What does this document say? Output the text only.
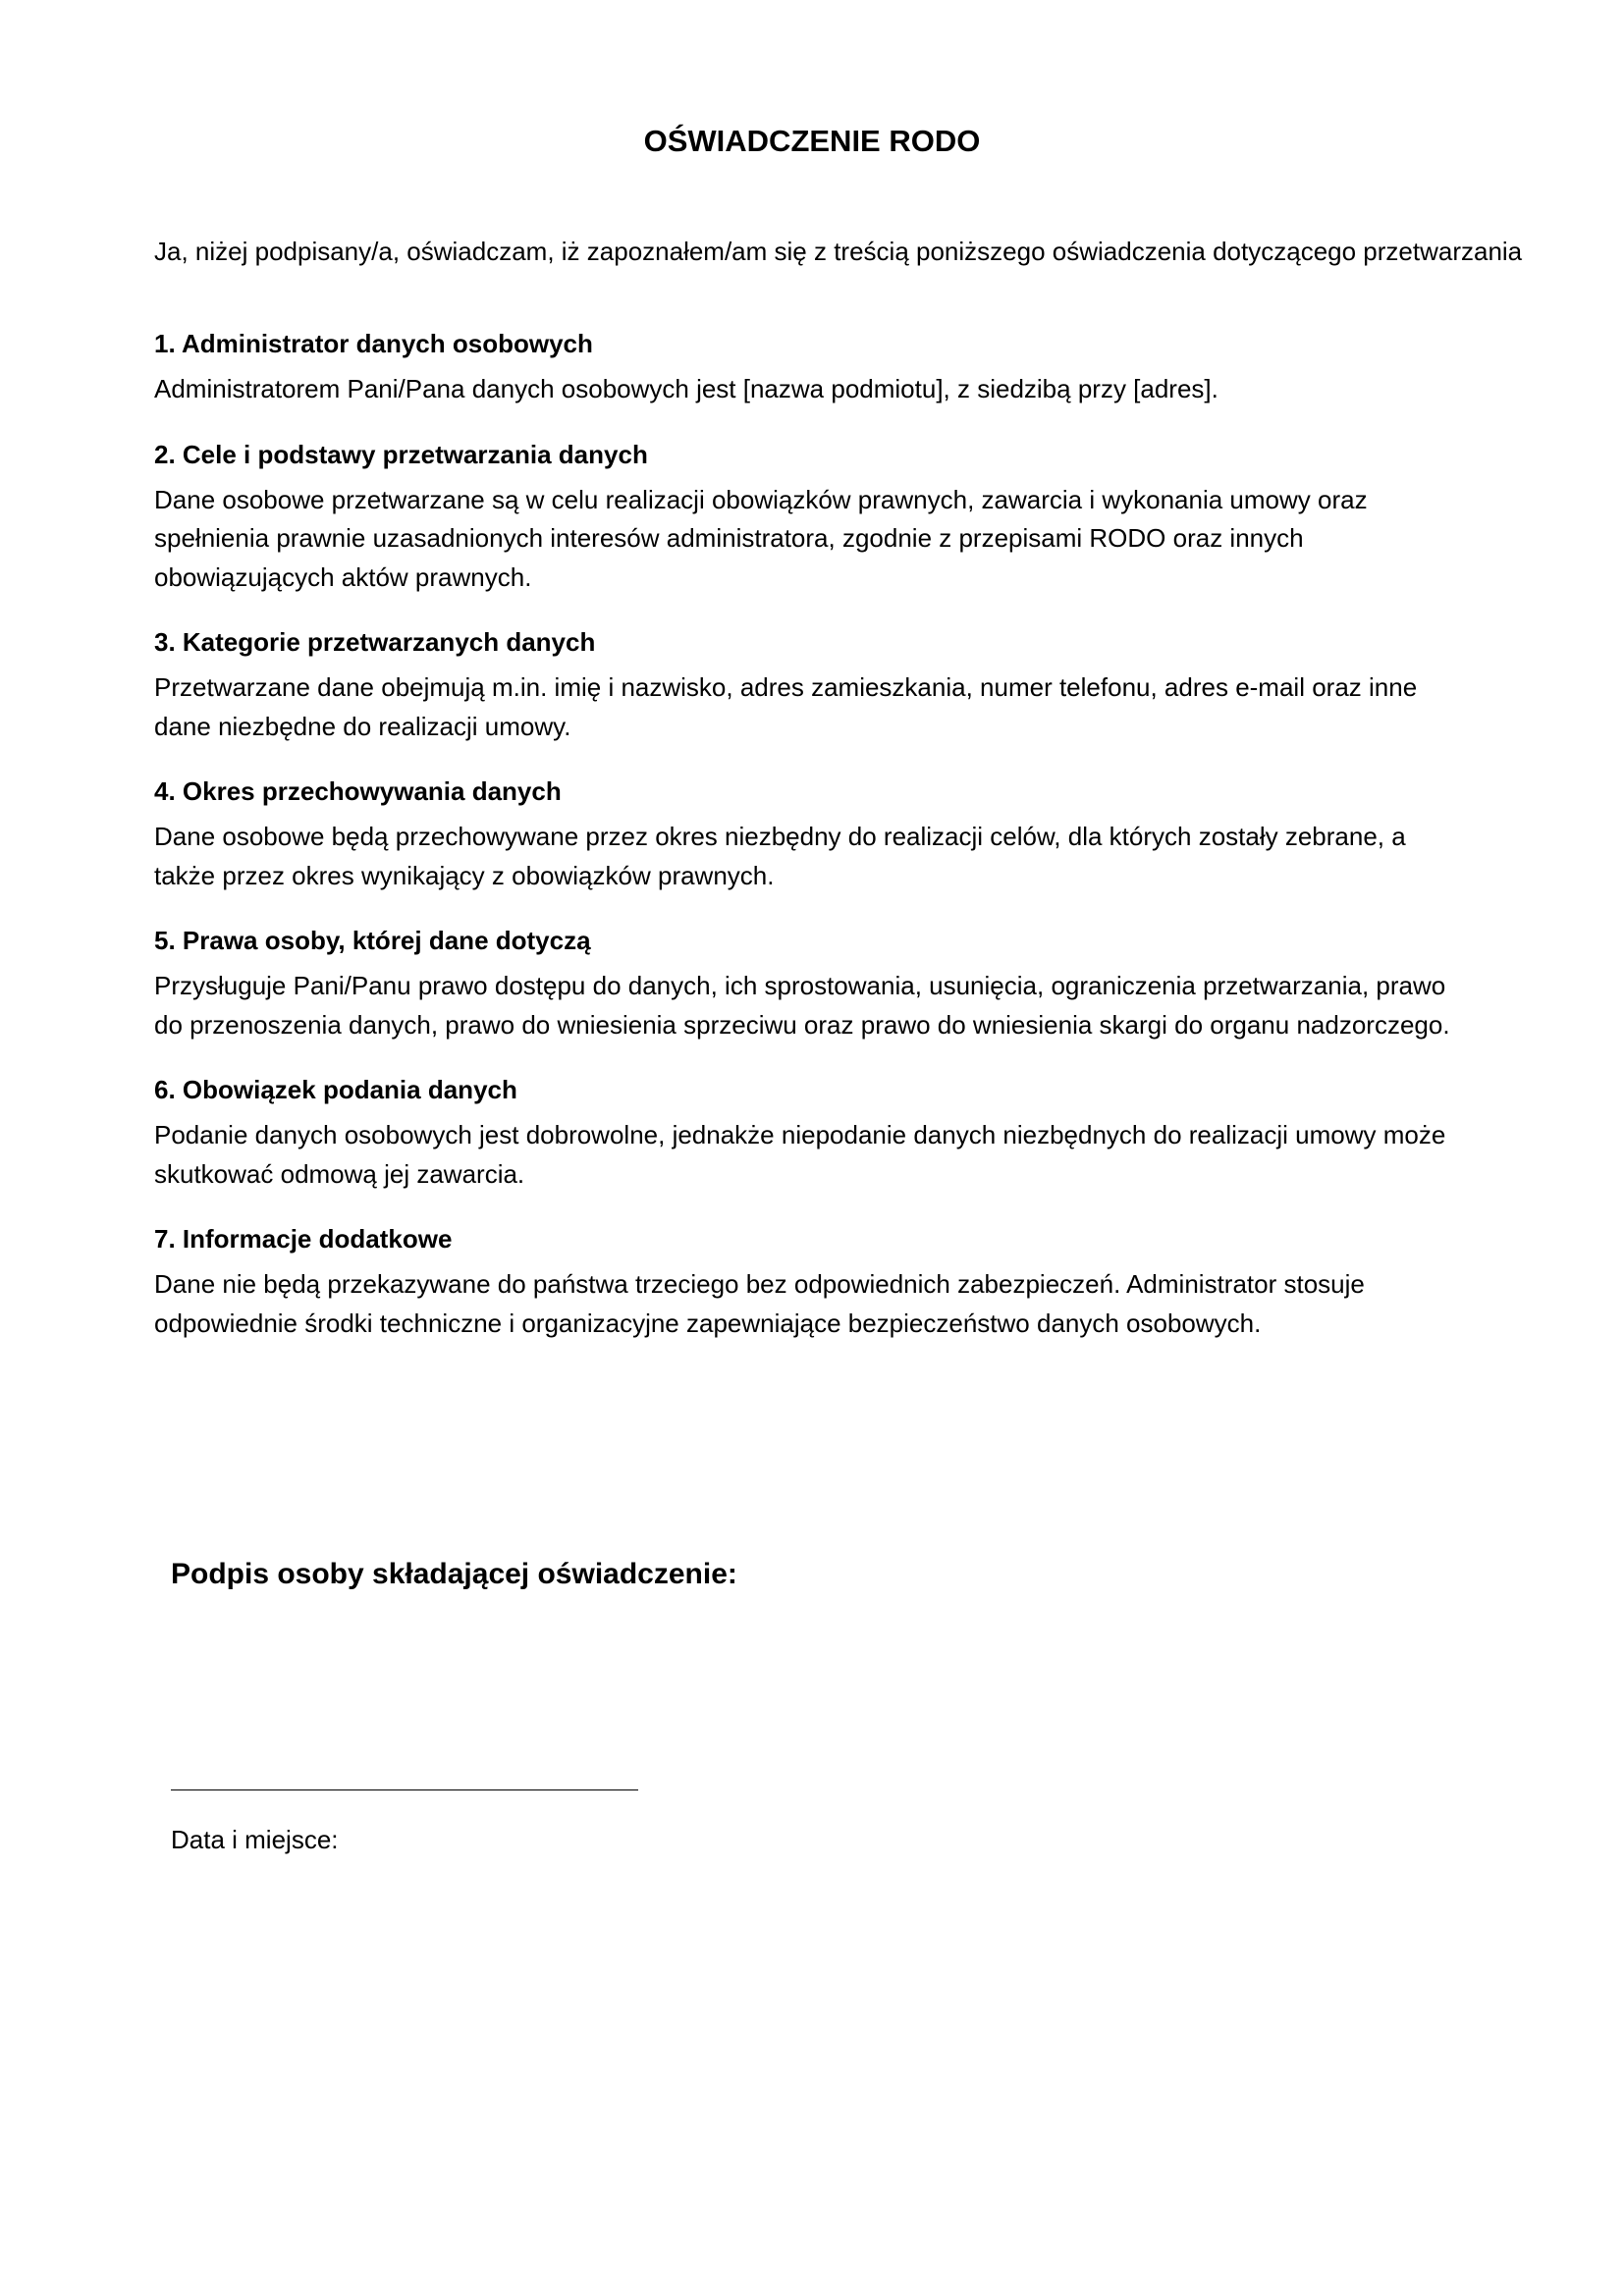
OŚWIADCZENIE RODO
Ja, niżej podpisany/a, oświadczam, iż zapoznałem/am się z treścią poniższego oświadczenia dotyczącego przetwarzania
1. Administrator danych osobowych

Administratorem Pani/Pana danych osobowych jest [nazwa podmiotu], z siedzibą przy [adres].

2. Cele i podstawy przetwarzania danych

Dane osobowe przetwarzane są w celu realizacji obowiązków prawnych, zawarcia i wykonania umowy oraz spełnienia prawnie uzasadnionych interesów administratora, zgodnie z przepisami RODO oraz innych obowiązujących aktów prawnych.

3. Kategorie przetwarzanych danych

Przetwarzane dane obejmują m.in. imię i nazwisko, adres zamieszkania, numer telefonu, adres e-mail oraz inne dane niezbędne do realizacji umowy.

4. Okres przechowywania danych

Dane osobowe będą przechowywane przez okres niezbędny do realizacji celów, dla których zostały zebrane, a także przez okres wynikający z obowiązków prawnych.

5. Prawa osoby, której dane dotyczą

Przysługuje Pani/Panu prawo dostępu do danych, ich sprostowania, usunięcia, ograniczenia przetwarzania, prawo do przenoszenia danych, prawo do wniesienia sprzeciwu oraz prawo do wniesienia skargi do organu nadzorczego.

6. Obowiązek podania danych

Podanie danych osobowych jest dobrowolne, jednakże niepodanie danych niezbędnych do realizacji umowy może skutkować odmową jej zawarcia.

7. Informacje dodatkowe

Dane nie będą przekazywane do państwa trzeciego bez odpowiednich zabezpieczeń. Administrator stosuje odpowiednie środki techniczne i organizacyjne zapewniające bezpieczeństwo danych osobowych.

Podpis osoby składającej oświadczenie:
Data i miejsce:
